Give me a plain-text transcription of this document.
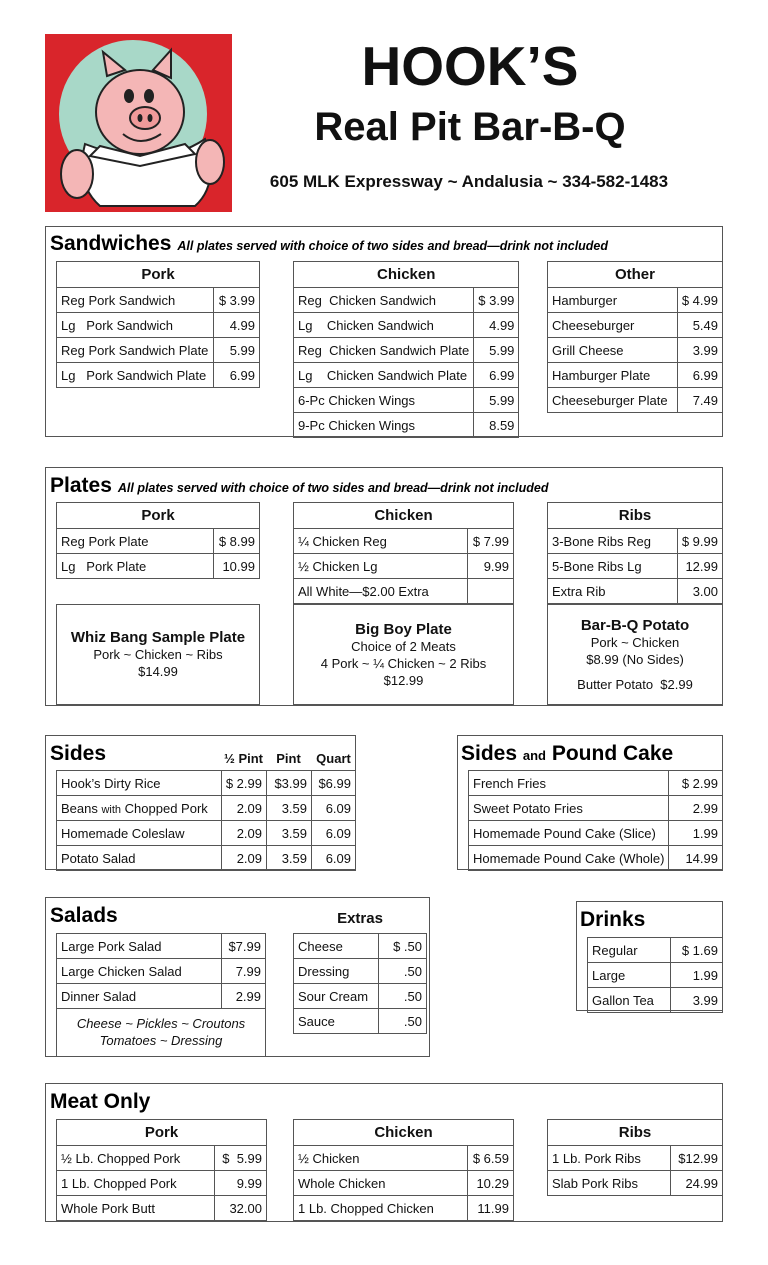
HOOK’S
Real Pit Bar-B-Q
605 MLK Expressway ~ Andalusia ~ 334-582-1483
Sandwiches All plates served with choice of two sides and bread—drink not included
Pork	
Reg Pork Sandwich	$ 3.99
Lg   Pork Sandwich	4.99
Reg Pork Sandwich Plate	5.99
Lg   Pork Sandwich Plate	6.99
Chicken	
Reg  Chicken Sandwich	$ 3.99
Lg    Chicken Sandwich	4.99
Reg  Chicken Sandwich Plate	5.99
Lg    Chicken Sandwich Plate	6.99
6-Pc Chicken Wings	5.99
9-Pc Chicken Wings	8.59
Other	
Hamburger	$ 4.99
Cheeseburger	5.49
Grill Cheese	3.99
Hamburger Plate	6.99
Cheeseburger Plate	7.49
Plates All plates served with choice of two sides and bread—drink not included
Pork	
Reg Pork Plate	$ 8.99
Lg   Pork Plate	10.99
Chicken	
¼ Chicken Reg	$ 7.99
½ Chicken Lg	9.99
All White—$2.00 Extra	
Ribs	
3-Bone Ribs Reg	$ 9.99
5-Bone Ribs Lg	12.99
Extra Rib	3.00
Whiz Bang Sample Plate
Pork ~ Chicken ~ Ribs
$14.99
Big Boy Plate
Choice of 2 Meats
4 Pork ~ ¼ Chicken ~ 2 Ribs
$12.99
Bar-B-Q Potato
Pork ~ Chicken
$8.99 (No Sides)
Butter Potato  $2.99
Sides	½ Pint	Pint	Quart
Hook’s Dirty Rice	$ 2.99	$3.99	$6.99
Beans with Chopped Pork	2.09	3.59	6.09
Homemade Coleslaw	2.09	3.59	6.09
Potato Salad	2.09	3.59	6.09
Sides and Pound Cake
French Fries	$ 2.99
Sweet Potato Fries	2.99
Homemade Pound Cake (Slice)	1.99
Homemade Pound Cake (Whole)	14.99
Salads
Large Pork Salad	$7.99
Large Chicken Salad	7.99
Dinner Salad	2.99
Cheese ~ Pickles ~ Croutons
Tomatoes ~ Dressing
Extras
Cheese	$ .50
Dressing	.50
Sour Cream	.50
Sauce	.50
Drinks
Regular	$ 1.69
Large	1.99
Gallon Tea	3.99
Meat Only
Pork	
½ Lb. Chopped Pork	$  5.99
1 Lb. Chopped Pork	9.99
Whole Pork Butt	32.00
Chicken	
½ Chicken	$ 6.59
Whole Chicken	10.29
1 Lb. Chopped Chicken	11.99
Ribs	
1 Lb. Pork Ribs	$12.99
Slab Pork Ribs	24.99
